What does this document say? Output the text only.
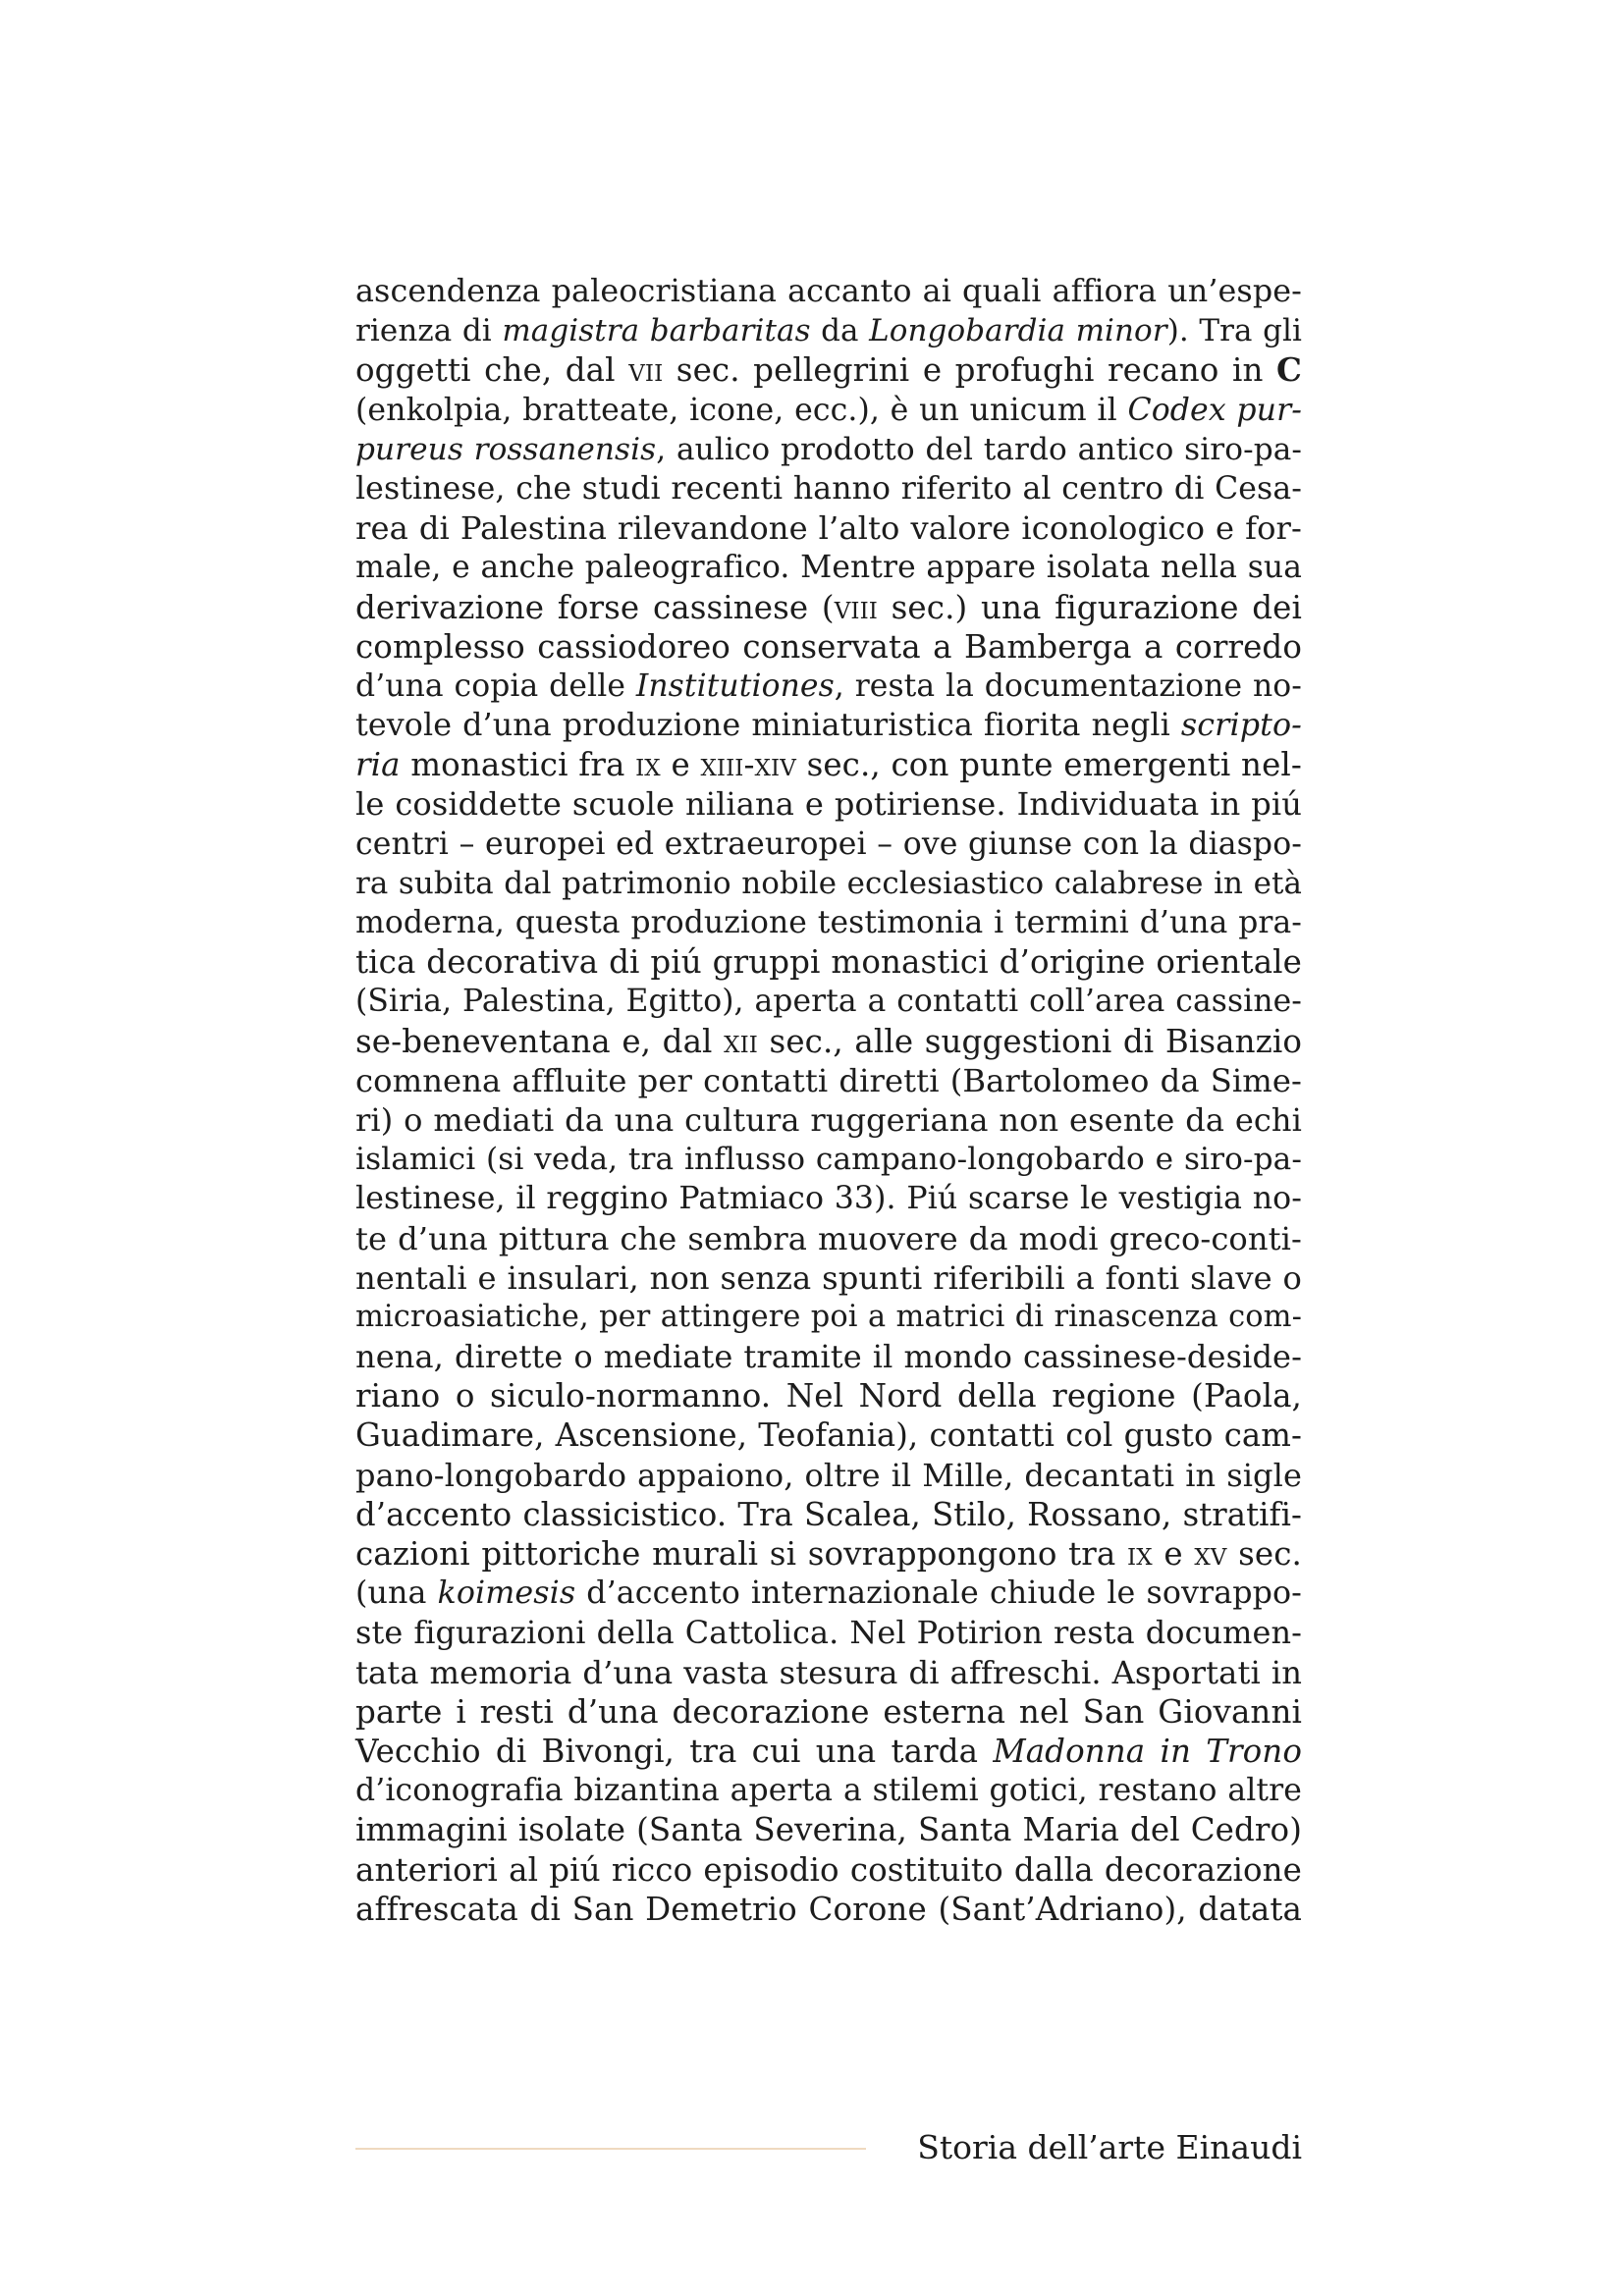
ascendenza paleocristiana accanto ai quali affiora un’espe-
rienza di magistra barbaritas da Longobardia minor). Tra gli
oggetti che, dal vii sec. pellegrini e profughi recano in C
(enkolpia, bratteate, icone, ecc.), è un unicum il Codex pur-
pureus rossanensis, aulico prodotto del tardo antico siro-pa-
lestinese, che studi recenti hanno riferito al centro di Cesa-
rea di Palestina rilevandone l’alto valore iconologico e for-
male, e anche paleografico. Mentre appare isolata nella sua
derivazione forse cassinese (viii sec.) una figurazione dei
complesso cassiodoreo conservata a Bamberga a corredo
d’una copia delle Institutiones, resta la documentazione no-
tevole d’una produzione miniaturistica fiorita negli scripto-
ria monastici fra ix e xiii-xiv sec., con punte emergenti nel-
le cosiddette scuole niliana e potiriense. Individuata in piú
centri – europei ed extraeuropei – ove giunse con la diaspo-
ra subita dal patrimonio nobile ecclesiastico calabrese in età
moderna, questa produzione testimonia i termini d’una pra-
tica decorativa di piú gruppi monastici d’origine orientale
(Siria, Palestina, Egitto), aperta a contatti coll’area cassine-
se-beneventana e, dal xii sec., alle suggestioni di Bisanzio
comnena affluite per contatti diretti (Bartolomeo da Sime-
ri) o mediati da una cultura ruggeriana non esente da echi
islamici (si veda, tra influsso campano-longobardo e siro-pa-
lestinese, il reggino Patmiaco 33). Piú scarse le vestigia no-
te d’una pittura che sembra muovere da modi greco-conti-
nentali e insulari, non senza spunti riferibili a fonti slave o
microasiatiche, per attingere poi a matrici di rinascenza com-
nena, dirette o mediate tramite il mondo cassinese-deside-
riano o siculo-normanno. Nel Nord della regione (Paola,
Guadimare, Ascensione, Teofania), contatti col gusto cam-
pano-longobardo appaiono, oltre il Mille, decantati in sigle
d’accento classicistico. Tra Scalea, Stilo, Rossano, stratifi-
cazioni pittoriche murali si sovrappongono tra ix e xv sec.
(una koimesis d’accento internazionale chiude le sovrappo-
ste figurazioni della Cattolica. Nel Potirion resta documen-
tata memoria d’una vasta stesura di affreschi. Asportati in
parte i resti d’una decorazione esterna nel San Giovanni
Vecchio di Bivongi, tra cui una tarda Madonna in Trono
d’iconografia bizantina aperta a stilemi gotici, restano altre
immagini isolate (Santa Severina, Santa Maria del Cedro)
anteriori al piú ricco episodio costituito dalla decorazione
affrescata di San Demetrio Corone (Sant’Adriano), datata
Storia dell’arte Einaudi
